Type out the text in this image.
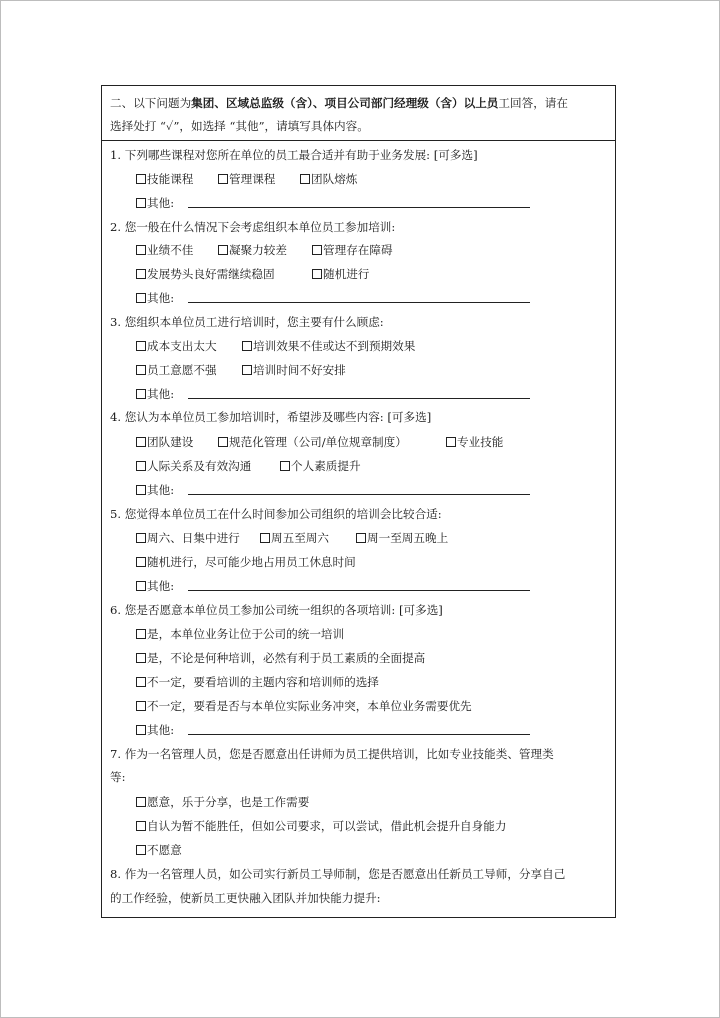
二、以下问题为集团、区域总监级（含）、项目公司部门经理级（含）以上员工回答，请在
选择处打 “✓”，如选择 “其他”，请填写具体内容。
1. 下列哪些课程对您所在单位的员工最合适并有助于业务发展: [可多选]
技能课程	管理课程	团队熔炼
其他:
2. 您一般在什么情况下会考虑组织本单位员工参加培训:
业绩不佳	凝聚力较差	管理存在障碍
发展势头良好需继续稳固	随机进行
其他:
3. 您组织本单位员工进行培训时，您主要有什么顾虑:
成本支出太大	培训效果不佳或达不到预期效果
员工意愿不强	培训时间不好安排
其他:
4. 您认为本单位员工参加培训时，希望涉及哪些内容: [可多选]
团队建设	规范化管理（公司/单位规章制度）	专业技能
人际关系及有效沟通	个人素质提升
其他:
5. 您觉得本单位员工在什么时间参加公司组织的培训会比较合适:
周六、日集中进行	周五至周六	周一至周五晚上
随机进行，尽可能少地占用员工休息时间
其他:
6. 您是否愿意本单位员工参加公司统一组织的各项培训: [可多选]
是，本单位业务让位于公司的统一培训
是，不论是何种培训，必然有利于员工素质的全面提高
不一定，要看培训的主题内容和培训师的选择
不一定，要看是否与本单位实际业务冲突，本单位业务需要优先
其他:
7. 作为一名管理人员，您是否愿意出任讲师为员工提供培训，比如专业技能类、管理类
等:
愿意，乐于分享，也是工作需要
自认为暂不能胜任，但如公司要求，可以尝试，借此机会提升自身能力
不愿意
8. 作为一名管理人员，如公司实行新员工导师制，您是否愿意出任新员工导师，分享自己
的工作经验，使新员工更快融入团队并加快能力提升:
